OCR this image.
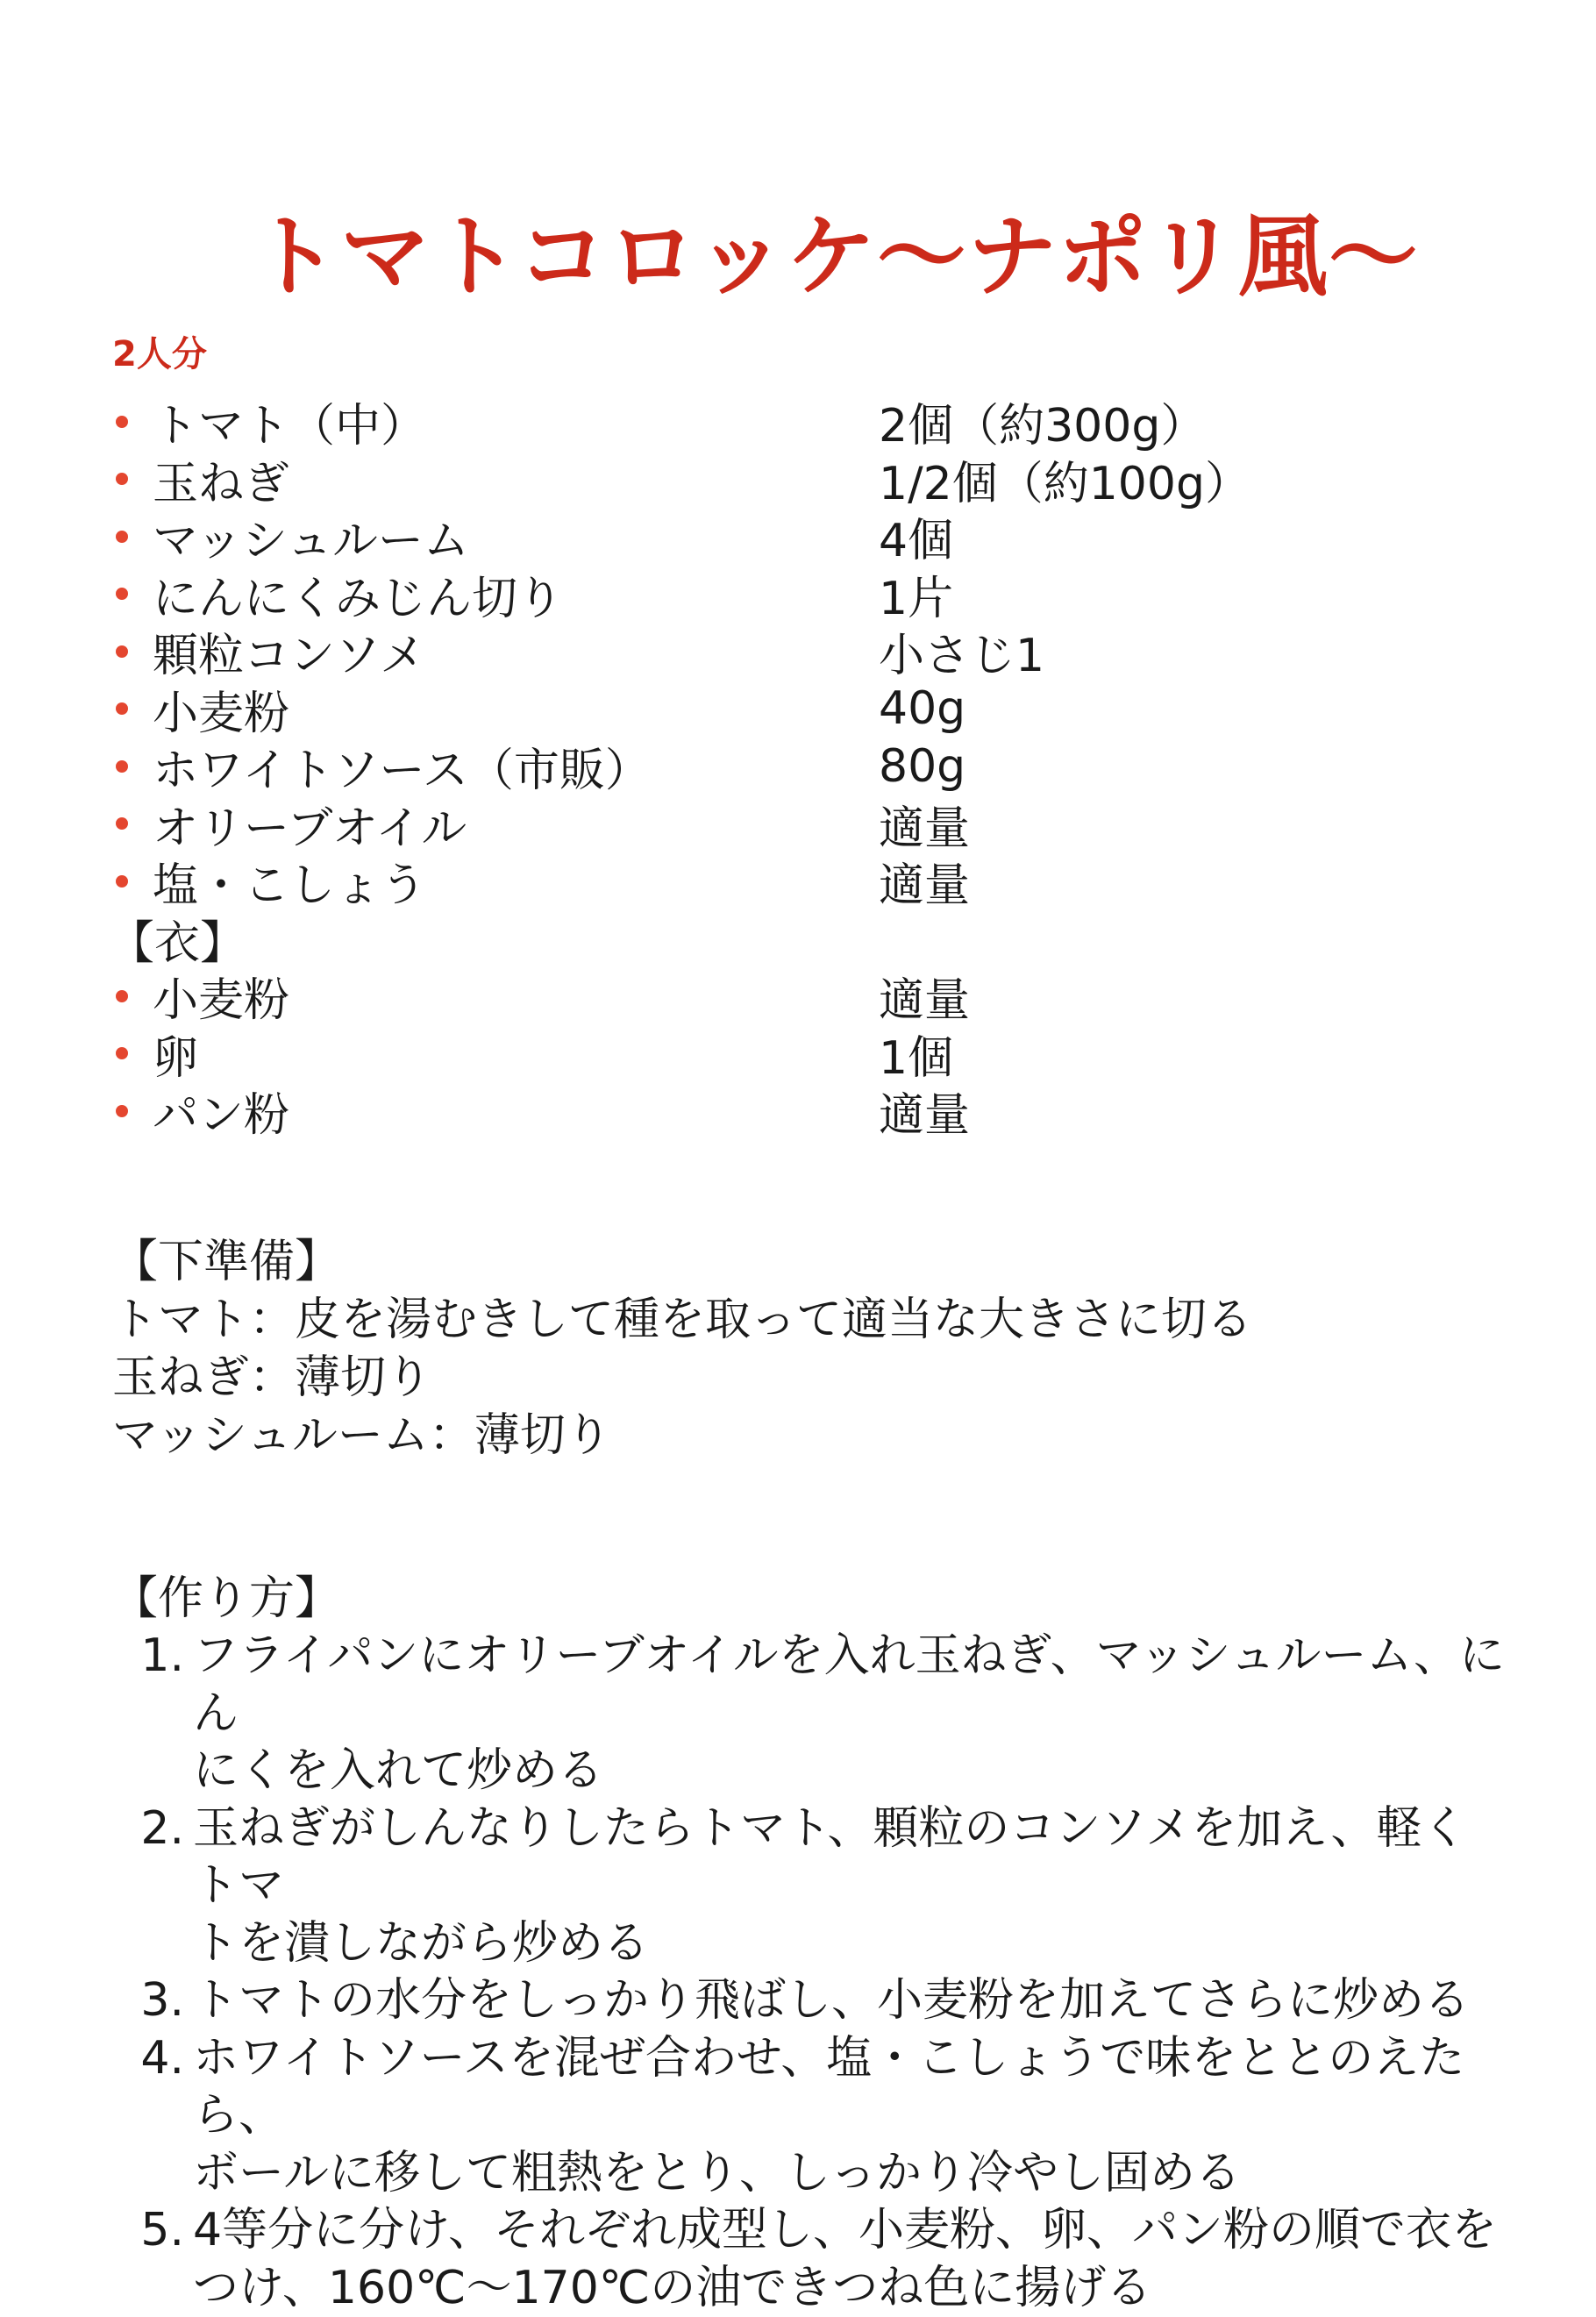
トマトコロッケ〜ナポリ風〜
2人分
トマト（中）	2個（約300g）
玉ねぎ	1/2個（約100g）
マッシュルーム	4個
にんにくみじん切り	1片
顆粒コンソメ	小さじ1
小麦粉	40g
ホワイトソース（市販）	80g
オリーブオイル	適量
塩・こしょう	適量
【衣】
小麦粉	適量
卵	1個
パン粉	適量
【下準備】
トマト：皮を湯むきして種を取って適当な大きさに切る
玉ねぎ：薄切り
マッシュルーム：薄切り
【作り方】
1. フライパンにオリーブオイルを入れ玉ねぎ、マッシュルーム、にん
にくを入れて炒める
2. 玉ねぎがしんなりしたらトマト、顆粒のコンソメを加え、軽くトマ
トを潰しながら炒める
3. トマトの水分をしっかり飛ばし、小麦粉を加えてさらに炒める
4. ホワイトソースを混ぜ合わせ、塩・こしょうで味をととのえたら、
ボールに移して粗熱をとり、しっかり冷やし固める
5. 4等分に分け、それぞれ成型し、小麦粉、卵、パン粉の順で衣を
つけ、160℃〜170℃の油できつね色に揚げる
